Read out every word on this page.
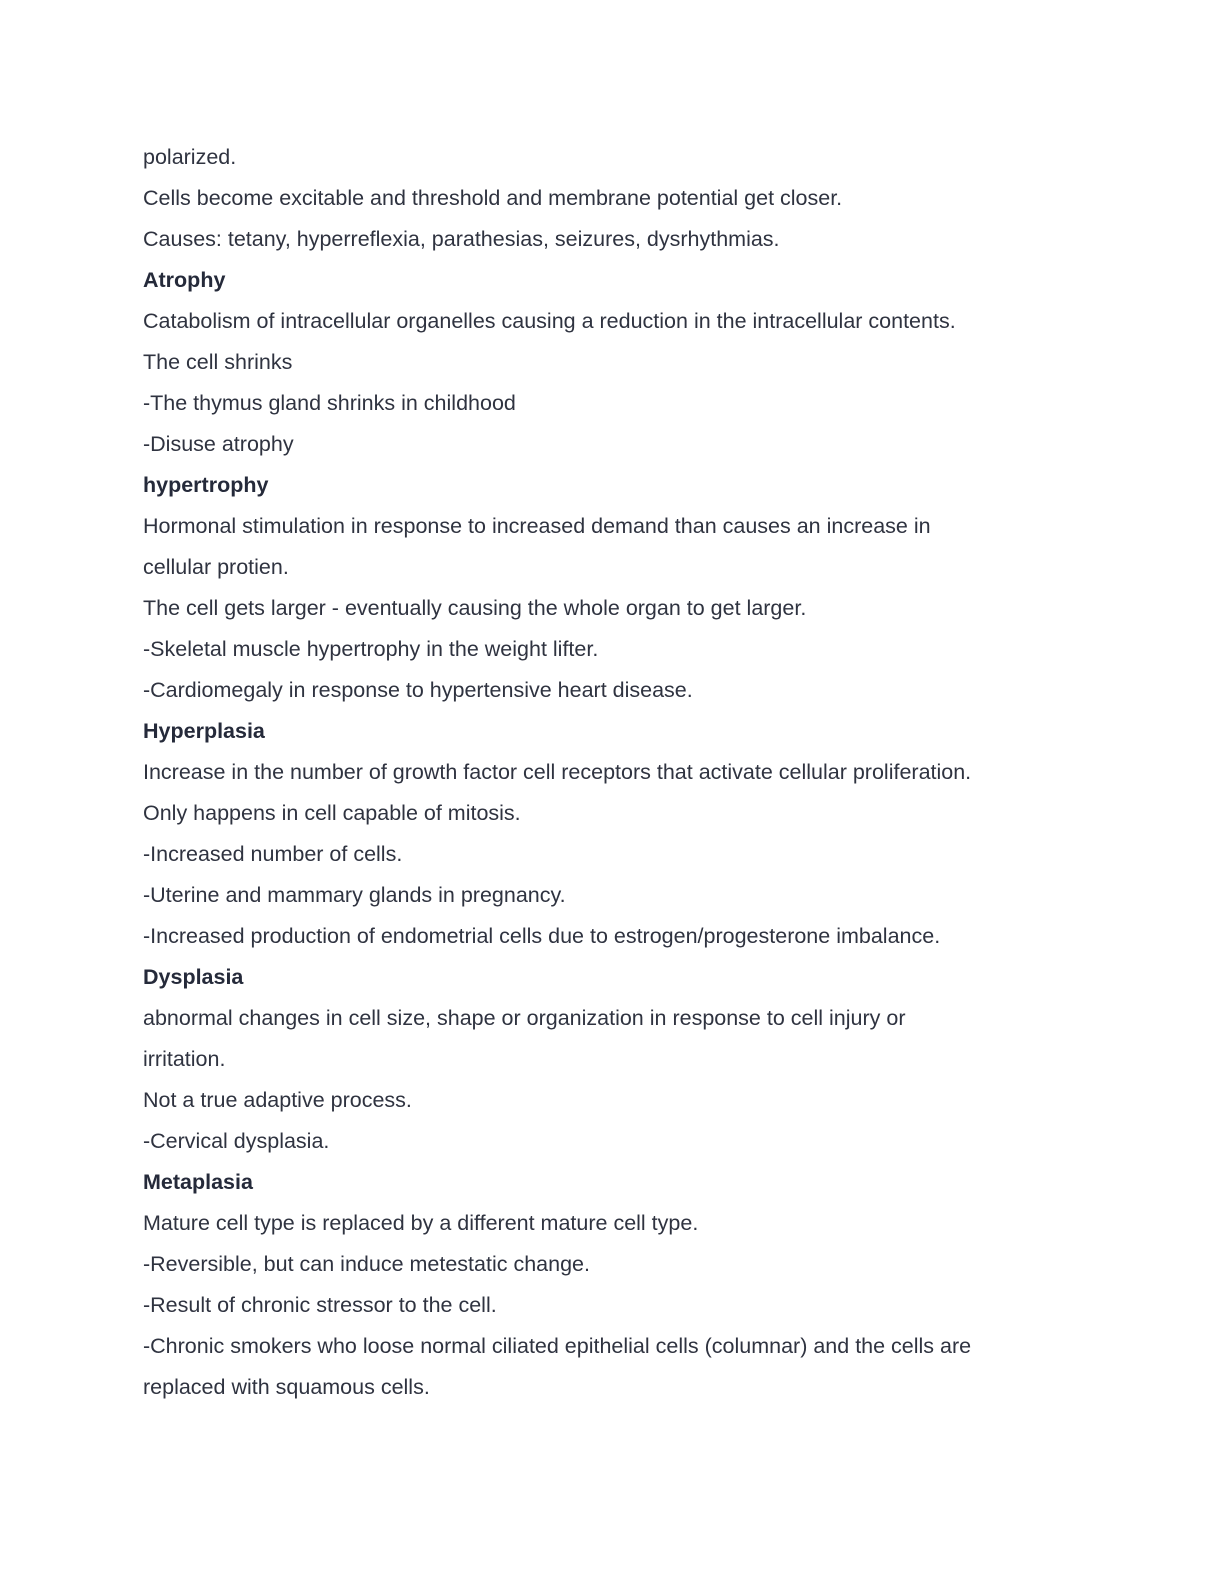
polarized.
Cells become excitable and threshold and membrane potential get closer.
Causes: tetany, hyperreflexia, parathesias, seizures, dysrhythmias.
Atrophy
Catabolism of intracellular organelles causing a reduction in the intracellular contents.
The cell shrinks
-The thymus gland shrinks in childhood
-Disuse atrophy
hypertrophy
Hormonal stimulation in response to increased demand than causes an increase in
cellular protien.
The cell gets larger - eventually causing the whole organ to get larger.
-Skeletal muscle hypertrophy in the weight lifter.
-Cardiomegaly in response to hypertensive heart disease.
Hyperplasia
Increase in the number of growth factor cell receptors that activate cellular proliferation.
Only happens in cell capable of mitosis.
-Increased number of cells.
-Uterine and mammary glands in pregnancy.
-Increased production of endometrial cells due to estrogen/progesterone imbalance.
Dysplasia
abnormal changes in cell size, shape or organization in response to cell injury or
irritation.
Not a true adaptive process.
-Cervical dysplasia.
Metaplasia
Mature cell type is replaced by a different mature cell type.
-Reversible, but can induce metestatic change.
-Result of chronic stressor to the cell.
-Chronic smokers who loose normal ciliated epithelial cells (columnar) and the cells are
replaced with squamous cells.
